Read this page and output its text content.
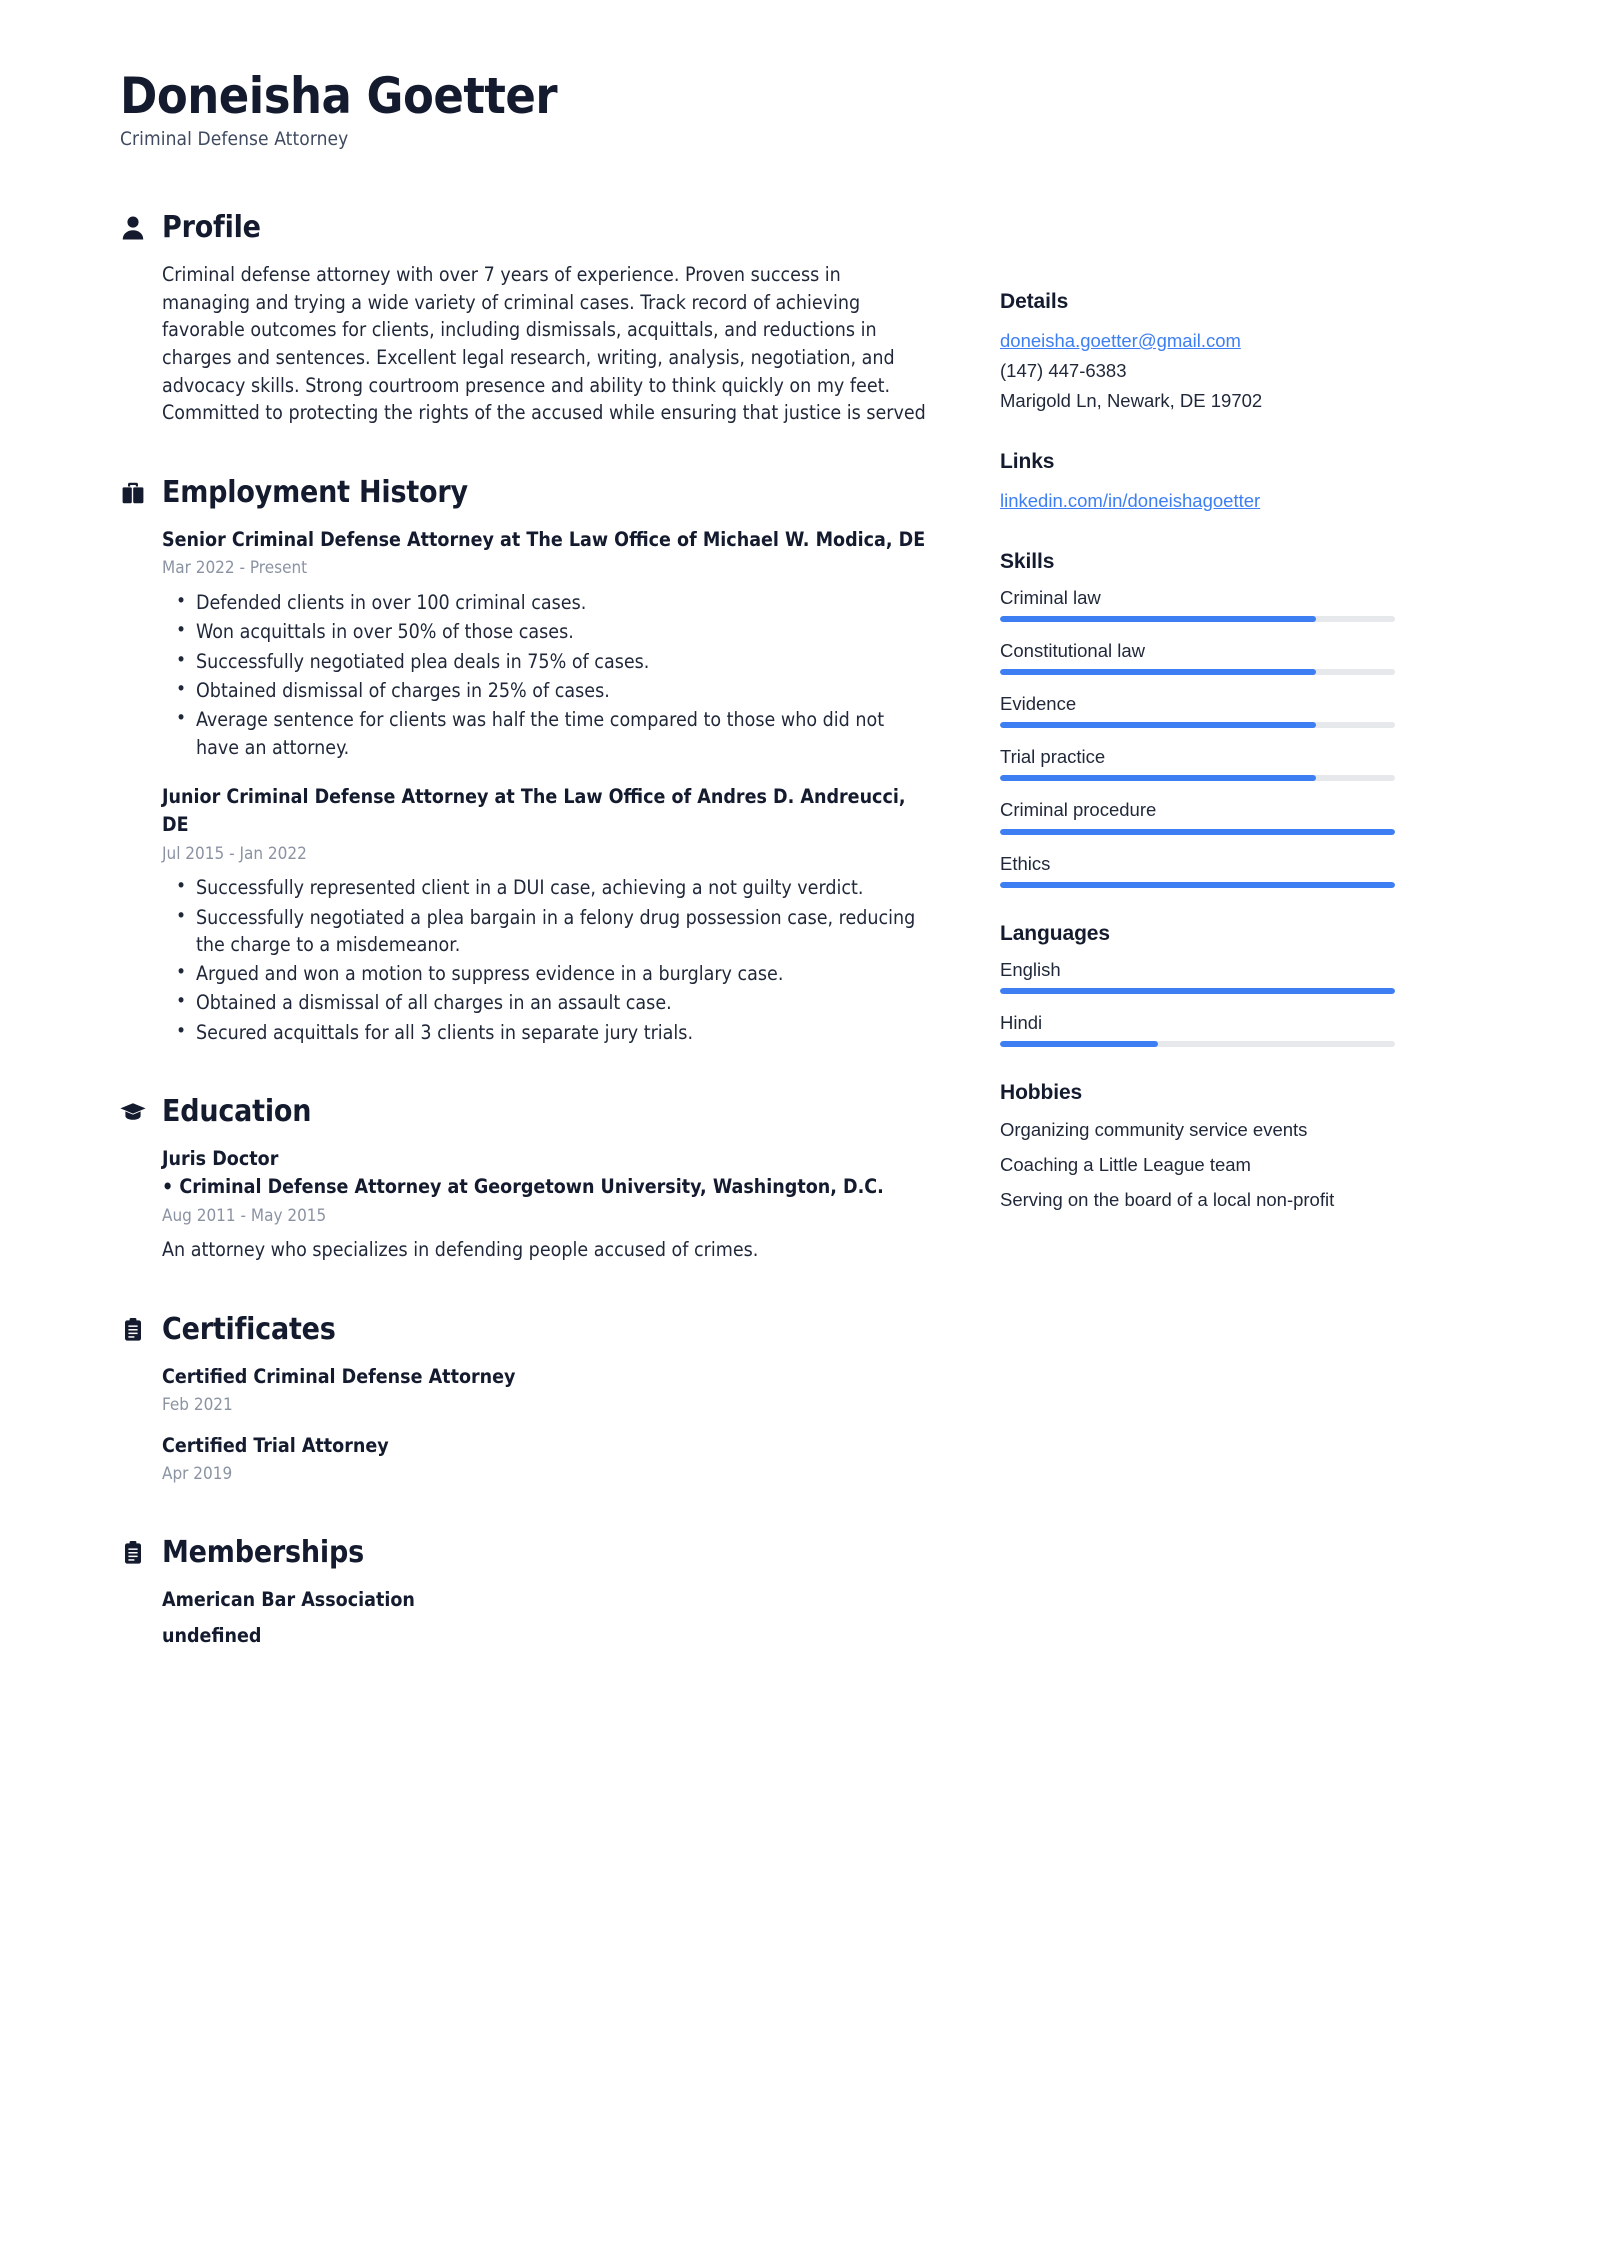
Doneisha Goetter
Criminal Defense Attorney
Profile

Criminal defense attorney with over 7 years of experience. Proven success in managing and trying a wide variety of criminal cases. Track record of achieving favorable outcomes for clients, including dismissals, acquittals, and reductions in charges and sentences. Excellent legal research, writing, analysis, negotiation, and advocacy skills. Strong courtroom presence and ability to think quickly on my feet. Committed to protecting the rights of the accused while ensuring that justice is served

Employment History
Senior Criminal Defense Attorney at The Law Office of Michael W. Modica, DE
Mar 2022 - Present
• Defended clients in over 100 criminal cases.
• Won acquittals in over 50% of those cases.
• Successfully negotiated plea deals in 75% of cases.
• Obtained dismissal of charges in 25% of cases.
• Average sentence for clients was half the time compared to those who did not have an attorney.
Junior Criminal Defense Attorney at The Law Office of Andres D. Andreucci, DE
Jul 2015 - Jan 2022
• Successfully represented client in a DUI case, achieving a not guilty verdict.
• Successfully negotiated a plea bargain in a felony drug possession case, reducing the charge to a misdemeanor.
• Argued and won a motion to suppress evidence in a burglary case.
• Obtained a dismissal of all charges in an assault case.
• Secured acquittals for all 3 clients in separate jury trials.
Education
Juris Doctor
• Criminal Defense Attorney at Georgetown University, Washington, D.C.
Aug 2011 - May 2015
An attorney who specializes in defending people accused of crimes.
Certificates
Certified Criminal Defense Attorney
Feb 2021
Certified Trial Attorney
Apr 2019
Memberships
American Bar Association
undefined
Details
doneisha.goetter@gmail.com
(147) 447-6383
Marigold Ln, Newark, DE 19702
Links
linkedin.com/in/doneishagoetter
Skills
Criminal law
Constitutional law
Evidence
Trial practice
Criminal procedure
Ethics
Languages
English
Hindi
Hobbies
Organizing community service events
Coaching a Little League team
Serving on the board of a local non-profit
